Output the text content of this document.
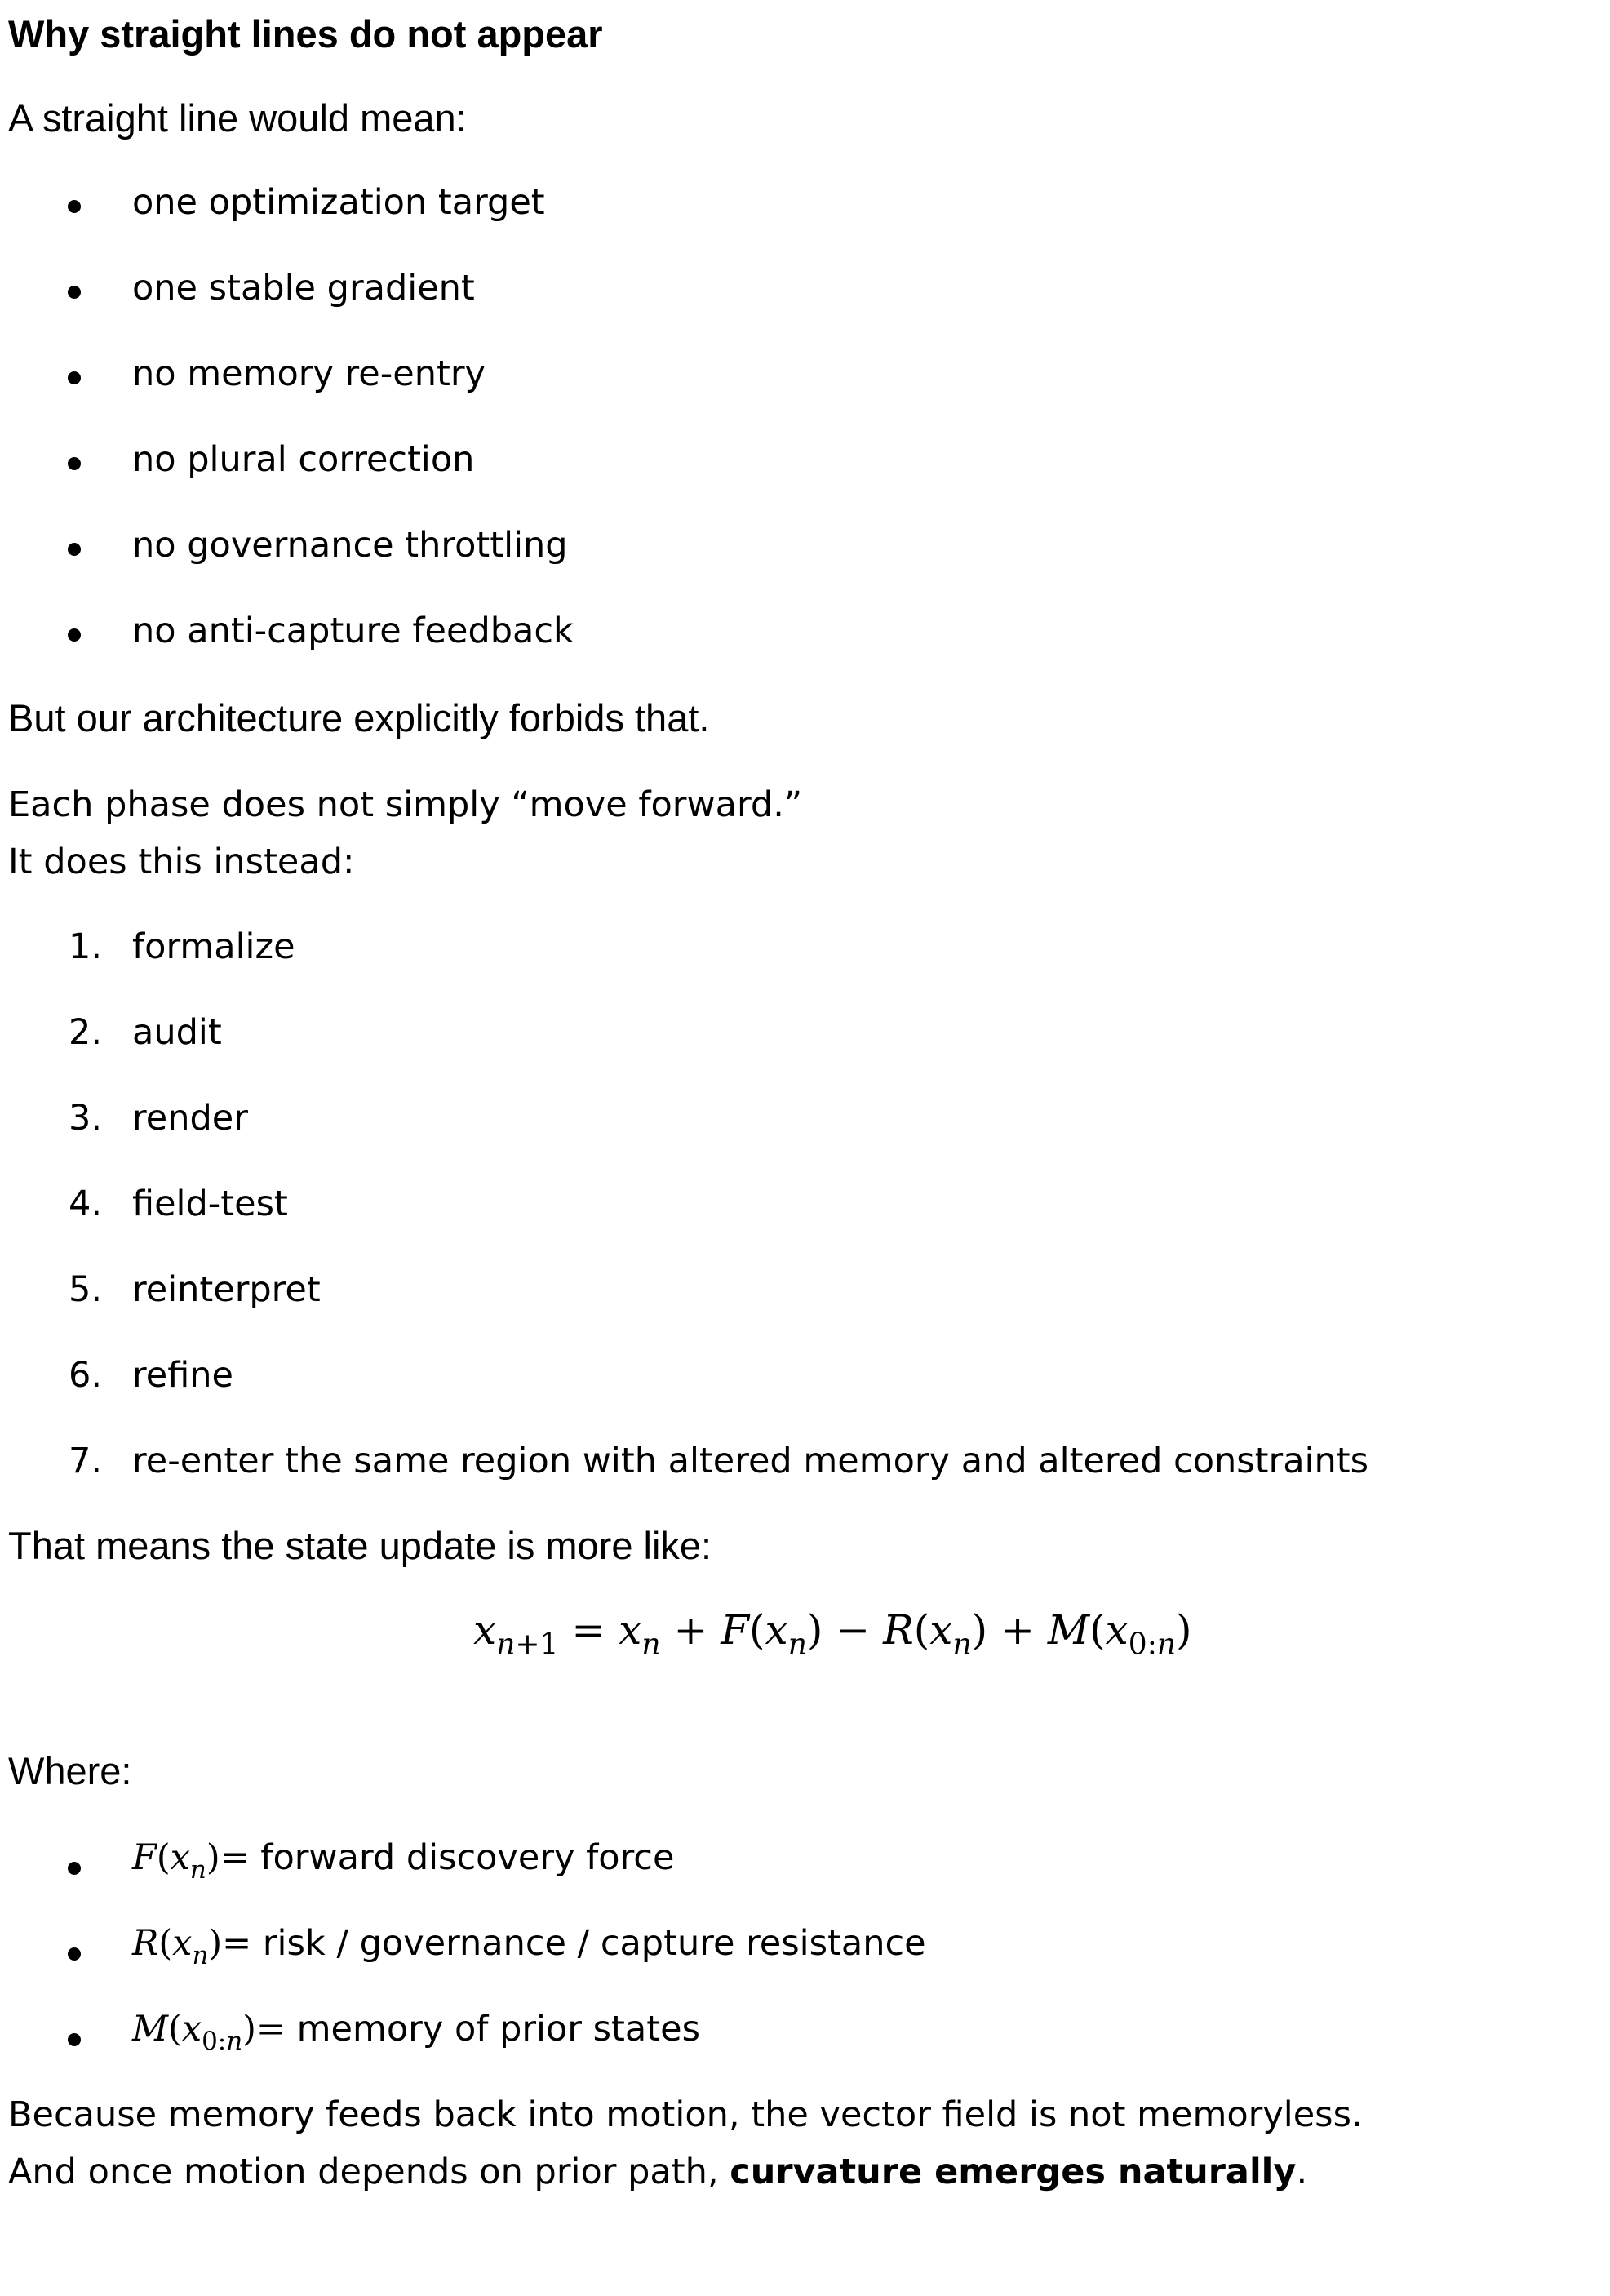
Why straight lines do not appear
A straight line would mean:
one optimization target
one stable gradient
no memory re-entry
no plural correction
no governance throttling
no anti-capture feedback
But our architecture explicitly forbids that.
Each phase does not simply “move forward.”
It does this instead:
1. formalize
2. audit
3. render
4. field-test
5. reinterpret
6. refine
7. re-enter the same region with altered memory and altered constraints
That means the state update is more like:
$x_{n+1} = x_n + F(x_n) - R(x_n) + M(x_{0:n})$
Where:
$F(x_n)=$ forward discovery force
$R(x_n)=$ risk / governance / capture resistance
$M(x_{0:n})=$ memory of prior states
Because memory feeds back into motion, the vector field is not memoryless.
And once motion depends on prior path, curvature emerges naturally.
